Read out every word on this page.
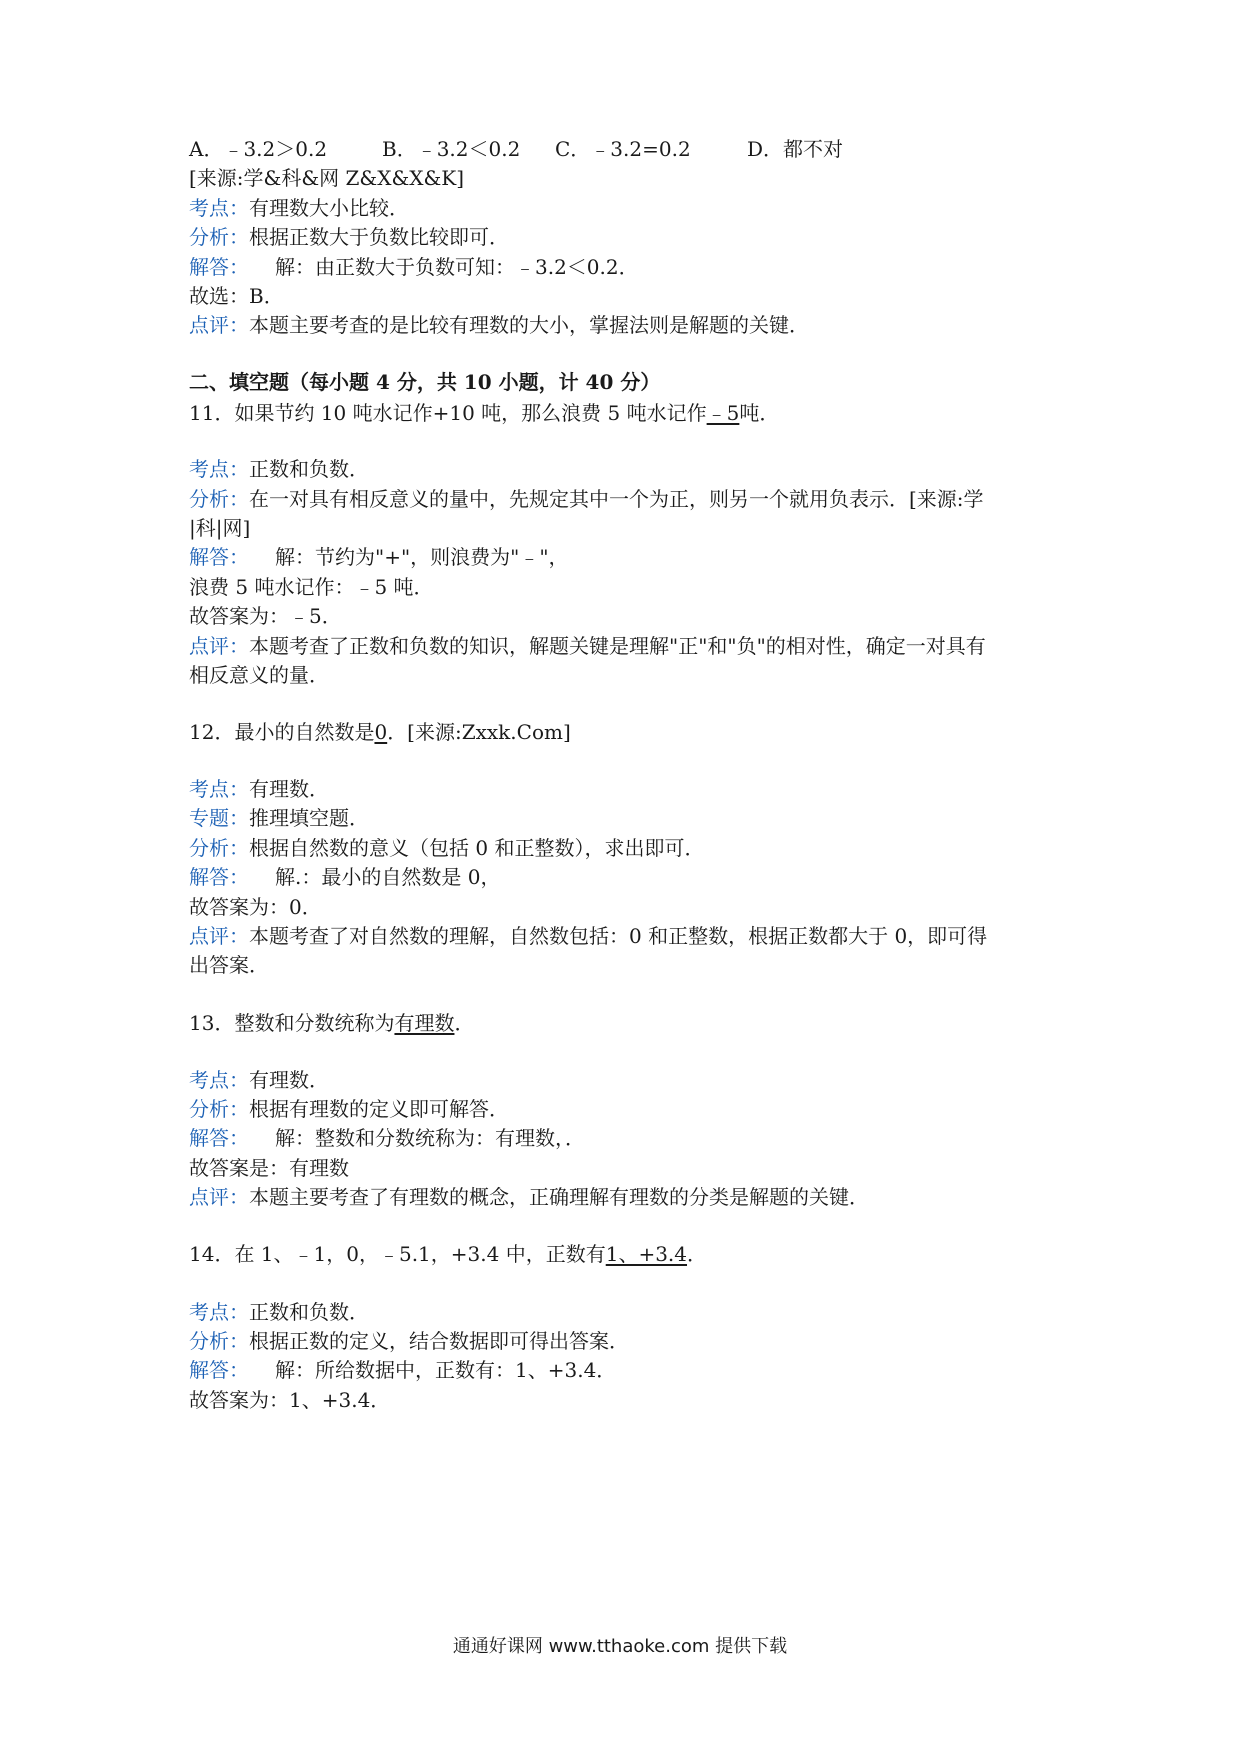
A．﹣3.2＞0.2	B．﹣3.2＜0.2 C．﹣3.2=0.2	D．都不对
[来源:学&科&网 Z&X&X&K]
考点：有理数大小比较．
分析：根据正数大于负数比较即可．
解答： 解：由正数大于负数可知：﹣3.2＜0.2．
故选：B．
点评：本题主要考查的是比较有理数的大小，掌握法则是解题的关键．
二、填空题（每小题 4 分，共 10 小题，计 40 分）
11．如果节约 10 吨水记作+10 吨，那么浪费 5 吨水记作﹣5吨．
考点：正数和负数．
分析：在一对具有相反意义的量中，先规定其中一个为正，则另一个就用负表示．[来源:学
|科|网]
解答： 解：节约为"+"，则浪费为"﹣"，
浪费 5 吨水记作：﹣5 吨．
故答案为：﹣5．
点评：本题考查了正数和负数的知识，解题关键是理解"正"和"负"的相对性，确定一对具有
相反意义的量．
12．最小的自然数是0．[来源:Zxxk.Com]
考点：有理数．
专题：推理填空题．
分析：根据自然数的意义（包括 0 和正整数），求出即可．
解答： 解.：最小的自然数是 0，
故答案为：0．
点评：本题考查了对自然数的理解，自然数包括：0 和正整数，根据正数都大于 0，即可得
出答案．
13．整数和分数统称为有理数．
考点：有理数．
分析：根据有理数的定义即可解答．
解答： 解：整数和分数统称为：有理数，．
故答案是：有理数
点评：本题主要考查了有理数的概念，正确理解有理数的分类是解题的关键．
14．在 1、﹣1，0，﹣5.1，+3.4 中，正数有1、+3.4．
考点：正数和负数．
分析：根据正数的定义，结合数据即可得出答案．
解答： 解：所给数据中，正数有：1、+3.4．
故答案为：1、+3.4．
通通好课网 www.tthaoke.com 提供下载
